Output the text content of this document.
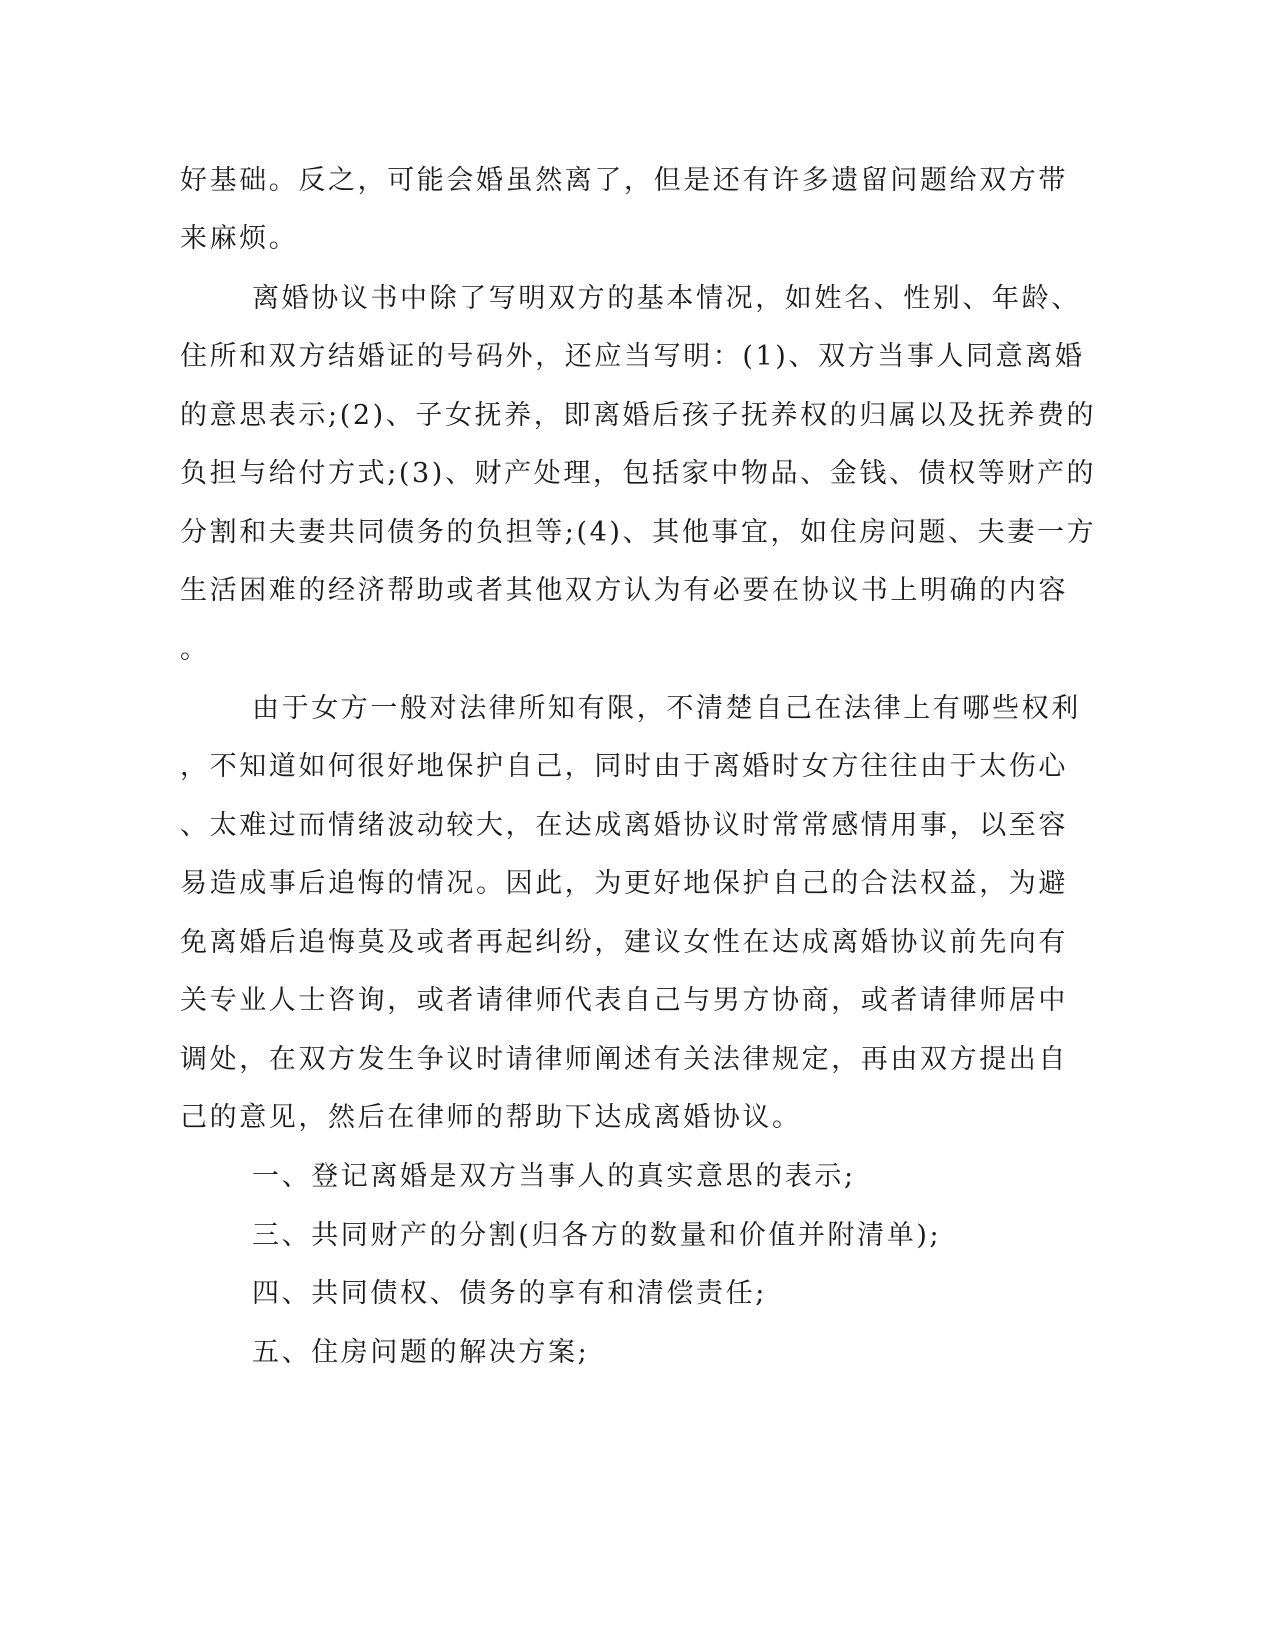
好基础。反之，可能会婚虽然离了，但是还有许多遗留问题给双方带
来麻烦。
离婚协议书中除了写明双方的基本情况，如姓名、性别、年龄、
住所和双方结婚证的号码外，还应当写明：(1)、双方当事人同意离婚
的意思表示;(2)、子女抚养，即离婚后孩子抚养权的归属以及抚养费的
负担与给付方式;(3)、财产处理，包括家中物品、金钱、债权等财产的
分割和夫妻共同债务的负担等;(4)、其他事宜，如住房问题、夫妻一方
生活困难的经济帮助或者其他双方认为有必要在协议书上明确的内容
。
由于女方一般对法律所知有限，不清楚自己在法律上有哪些权利
，不知道如何很好地保护自己，同时由于离婚时女方往往由于太伤心
、太难过而情绪波动较大，在达成离婚协议时常常感情用事，以至容
易造成事后追悔的情况。因此，为更好地保护自己的合法权益，为避
免离婚后追悔莫及或者再起纠纷，建议女性在达成离婚协议前先向有
关专业人士咨询，或者请律师代表自己与男方协商，或者请律师居中
调处，在双方发生争议时请律师阐述有关法律规定，再由双方提出自
己的意见，然后在律师的帮助下达成离婚协议。
一、登记离婚是双方当事人的真实意思的表示;
三、共同财产的分割(归各方的数量和价值并附清单);
四、共同债权、债务的享有和清偿责任;
五、住房问题的解决方案;
